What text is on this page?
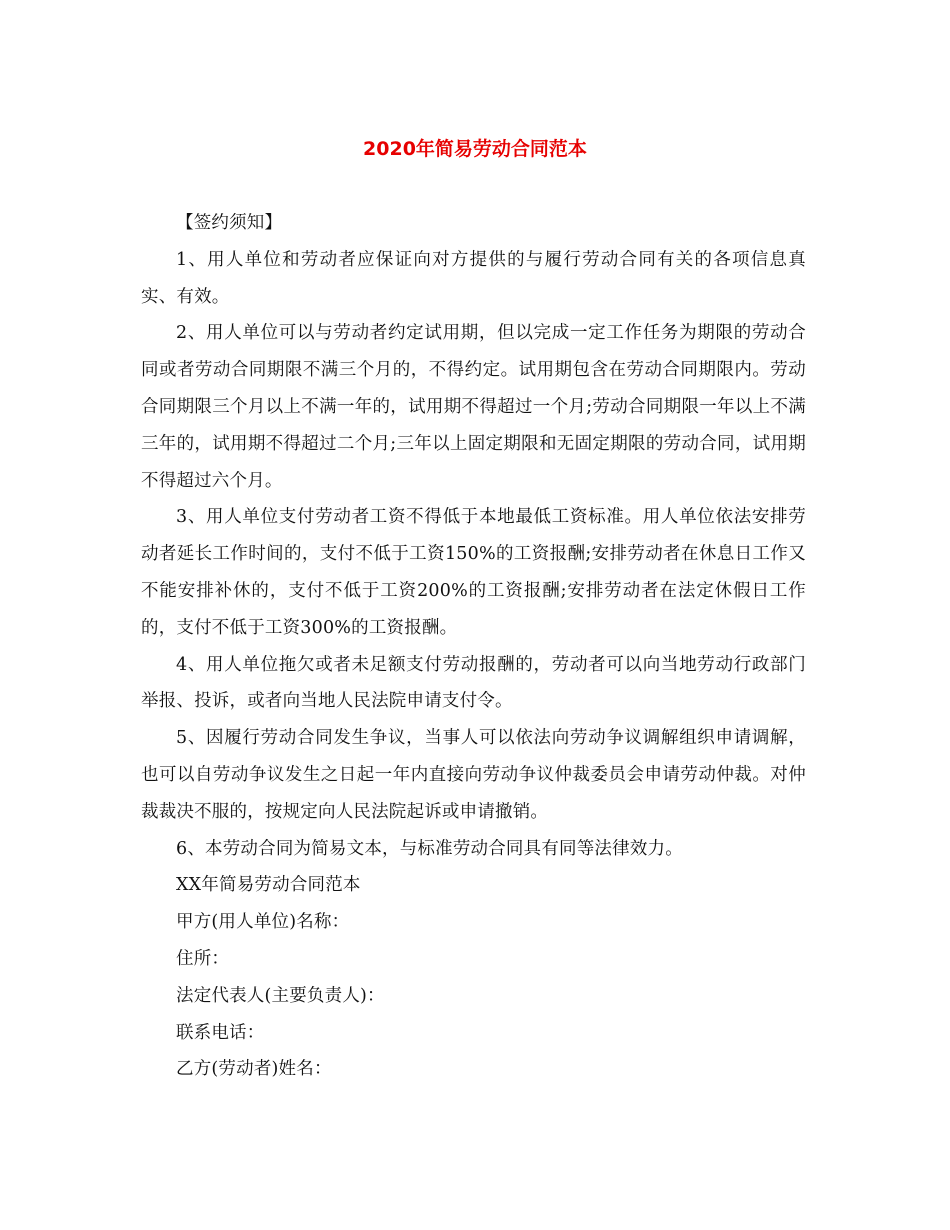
2020年简易劳动合同范本
【签约须知】

1、用人单位和劳动者应保证向对方提供的与履行劳动合同有关的各项信息真实、有效。

2、用人单位可以与劳动者约定试用期，但以完成一定工作任务为期限的劳动合同或者劳动合同期限不满三个月的，不得约定。试用期包含在劳动合同期限内。劳动合同期限三个月以上不满一年的，试用期不得超过一个月;劳动合同期限一年以上不满三年的，试用期不得超过二个月;三年以上固定期限和无固定期限的劳动合同，试用期不得超过六个月。

3、用人单位支付劳动者工资不得低于本地最低工资标准。用人单位依法安排劳动者延长工作时间的，支付不低于工资150%的工资报酬;安排劳动者在休息日工作又不能安排补休的，支付不低于工资200%的工资报酬;安排劳动者在法定休假日工作的，支付不低于工资300%的工资报酬。

4、用人单位拖欠或者未足额支付劳动报酬的，劳动者可以向当地劳动行政部门举报、投诉，或者向当地人民法院申请支付令。

5、因履行劳动合同发生争议，当事人可以依法向劳动争议调解组织申请调解，也可以自劳动争议发生之日起一年内直接向劳动争议仲裁委员会申请劳动仲裁。对仲裁裁决不服的，按规定向人民法院起诉或申请撤销。

6、本劳动合同为简易文本，与标准劳动合同具有同等法律效力。

XX年简易劳动合同范本
甲方(用人单位)名称：
住所：
法定代表人(主要负责人)：
联系电话：
乙方(劳动者)姓名：
